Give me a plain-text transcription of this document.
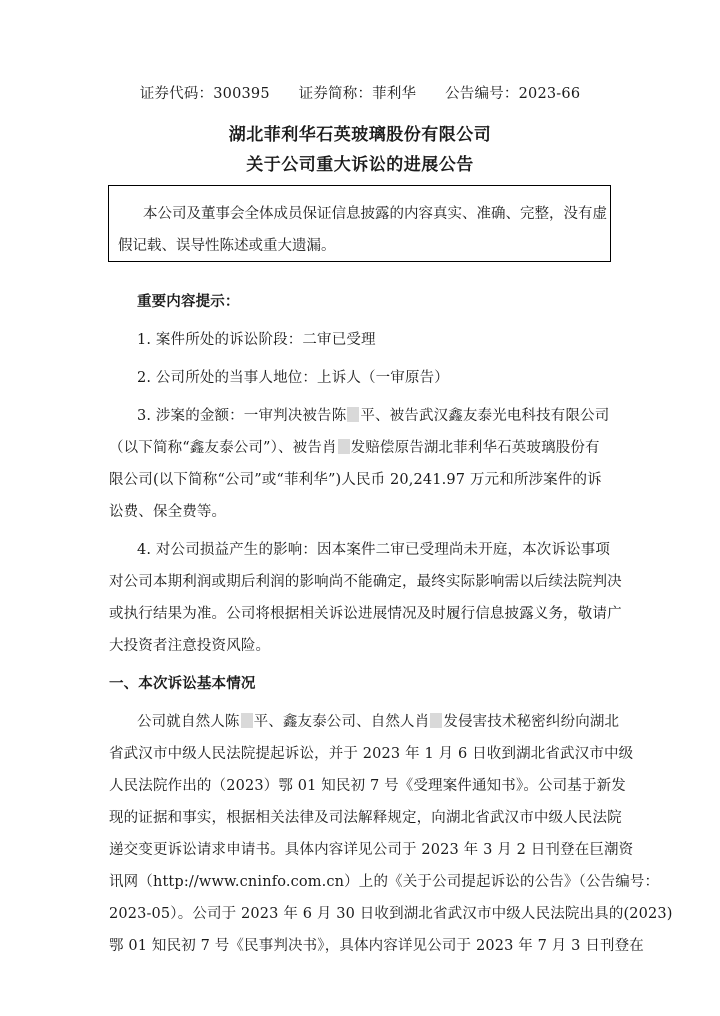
证券代码：300395 证券简称：菲利华 公告编号：2023-66
湖北菲利华石英玻璃股份有限公司
关于公司重大诉讼的进展公告
本公司及董事会全体成员保证信息披露的内容真实、准确、完整，没有虚
假记载、误导性陈述或重大遗漏。
重要内容提示：
1. 案件所处的诉讼阶段：二审已受理
2. 公司所处的当事人地位：上诉人（一审原告）
3. 涉案的金额：一审判决被告陈 平、被告武汉鑫友泰光电科技有限公司
（以下简称“鑫友泰公司”）、被告肖 发赔偿原告湖北菲利华石英玻璃股份有
限公司(以下简称“公司”或“菲利华”)人民币 20,241.97 万元和所涉案件的诉
讼费、保全费等。
4. 对公司损益产生的影响：因本案件二审已受理尚未开庭，本次诉讼事项
对公司本期利润或期后利润的影响尚不能确定，最终实际影响需以后续法院判决
或执行结果为准。公司将根据相关诉讼进展情况及时履行信息披露义务，敬请广
大投资者注意投资风险。
一、本次诉讼基本情况
公司就自然人陈 平、鑫友泰公司、自然人肖 发侵害技术秘密纠纷向湖北
省武汉市中级人民法院提起诉讼，并于 2023 年 1 月 6 日收到湖北省武汉市中级
人民法院作出的（2023）鄂 01 知民初 7 号《受理案件通知书》。公司基于新发
现的证据和事实，根据相关法律及司法解释规定，向湖北省武汉市中级人民法院
递交变更诉讼请求申请书。具体内容详见公司于 2023 年 3 月 2 日刊登在巨潮资
讯网（http://www.cninfo.com.cn）上的《关于公司提起诉讼的公告》（公告编号：
2023-05）。公司于 2023 年 6 月 30 日收到湖北省武汉市中级人民法院出具的(2023)
鄂 01 知民初 7 号《民事判决书》，具体内容详见公司于 2023 年 7 月 3 日刊登在
